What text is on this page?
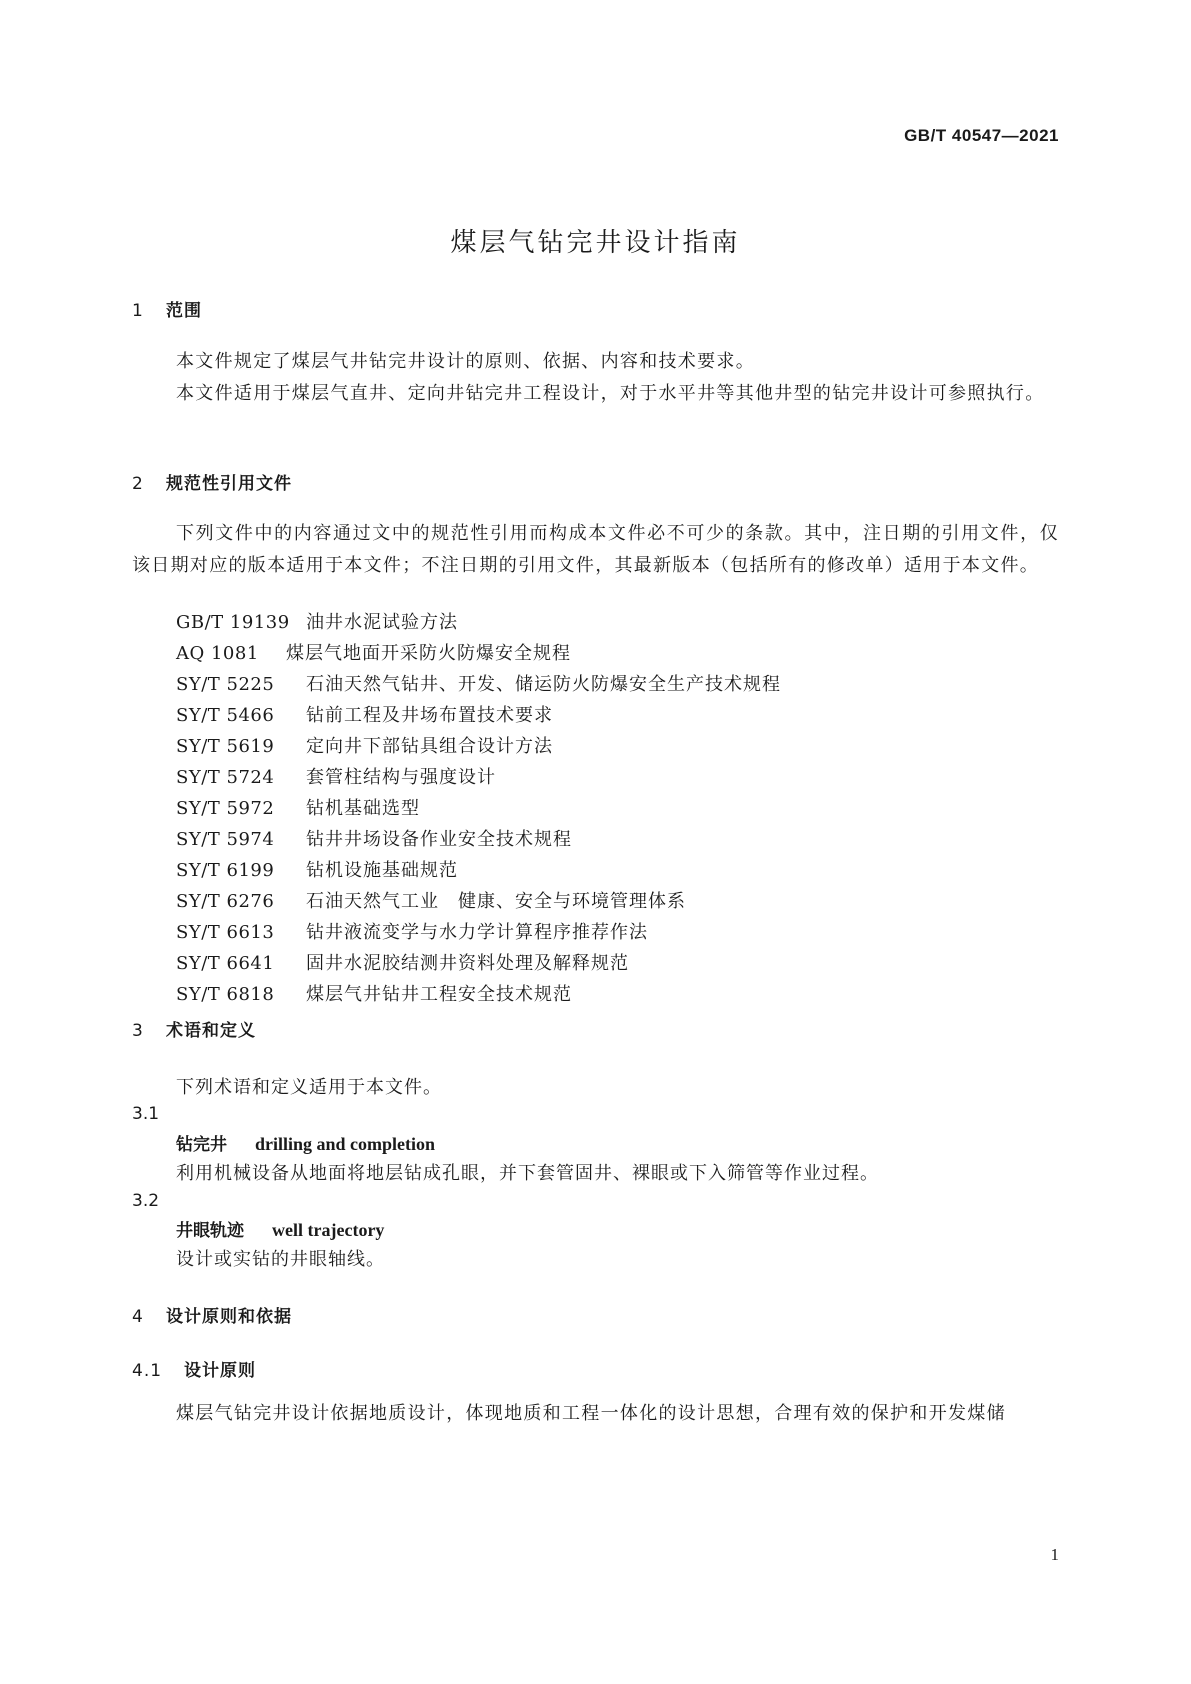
GB/T 40547—2021
煤层气钻完井设计指南
1 范围
本文件规定了煤层气井钻完井设计的原则、依据、内容和技术要求。
本文件适用于煤层气直井、定向井钻完井工程设计，对于水平井等其他井型的钻完井设计可参照执行。
2 规范性引用文件
下列文件中的内容通过文中的规范性引用而构成本文件必不可少的条款。其中，注日期的引用文件，仅该日期对应的版本适用于本文件；不注日期的引用文件，其最新版本（包括所有的修改单）适用于本文件。
GB/T 19139 油井水泥试验方法
AQ 1081 煤层气地面开采防火防爆安全规程
SY/T 5225 石油天然气钻井、开发、储运防火防爆安全生产技术规程
SY/T 5466 钻前工程及井场布置技术要求
SY/T 5619 定向井下部钻具组合设计方法
SY/T 5724 套管柱结构与强度设计
SY/T 5972 钻机基础选型
SY/T 5974 钻井井场设备作业安全技术规程
SY/T 6199 钻机设施基础规范
SY/T 6276 石油天然气工业　健康、安全与环境管理体系
SY/T 6613 钻井液流变学与水力学计算程序推荐作法
SY/T 6641 固井水泥胶结测井资料处理及解释规范
SY/T 6818 煤层气井钻井工程安全技术规范
3 术语和定义
下列术语和定义适用于本文件。
3.1
钻完井 drilling and completion
利用机械设备从地面将地层钻成孔眼，并下套管固井、裸眼或下入筛管等作业过程。
3.2
井眼轨迹 well trajectory
设计或实钻的井眼轴线。
4 设计原则和依据
4.1 设计原则
煤层气钻完井设计依据地质设计，体现地质和工程一体化的设计思想，合理有效的保护和开发煤储
1
